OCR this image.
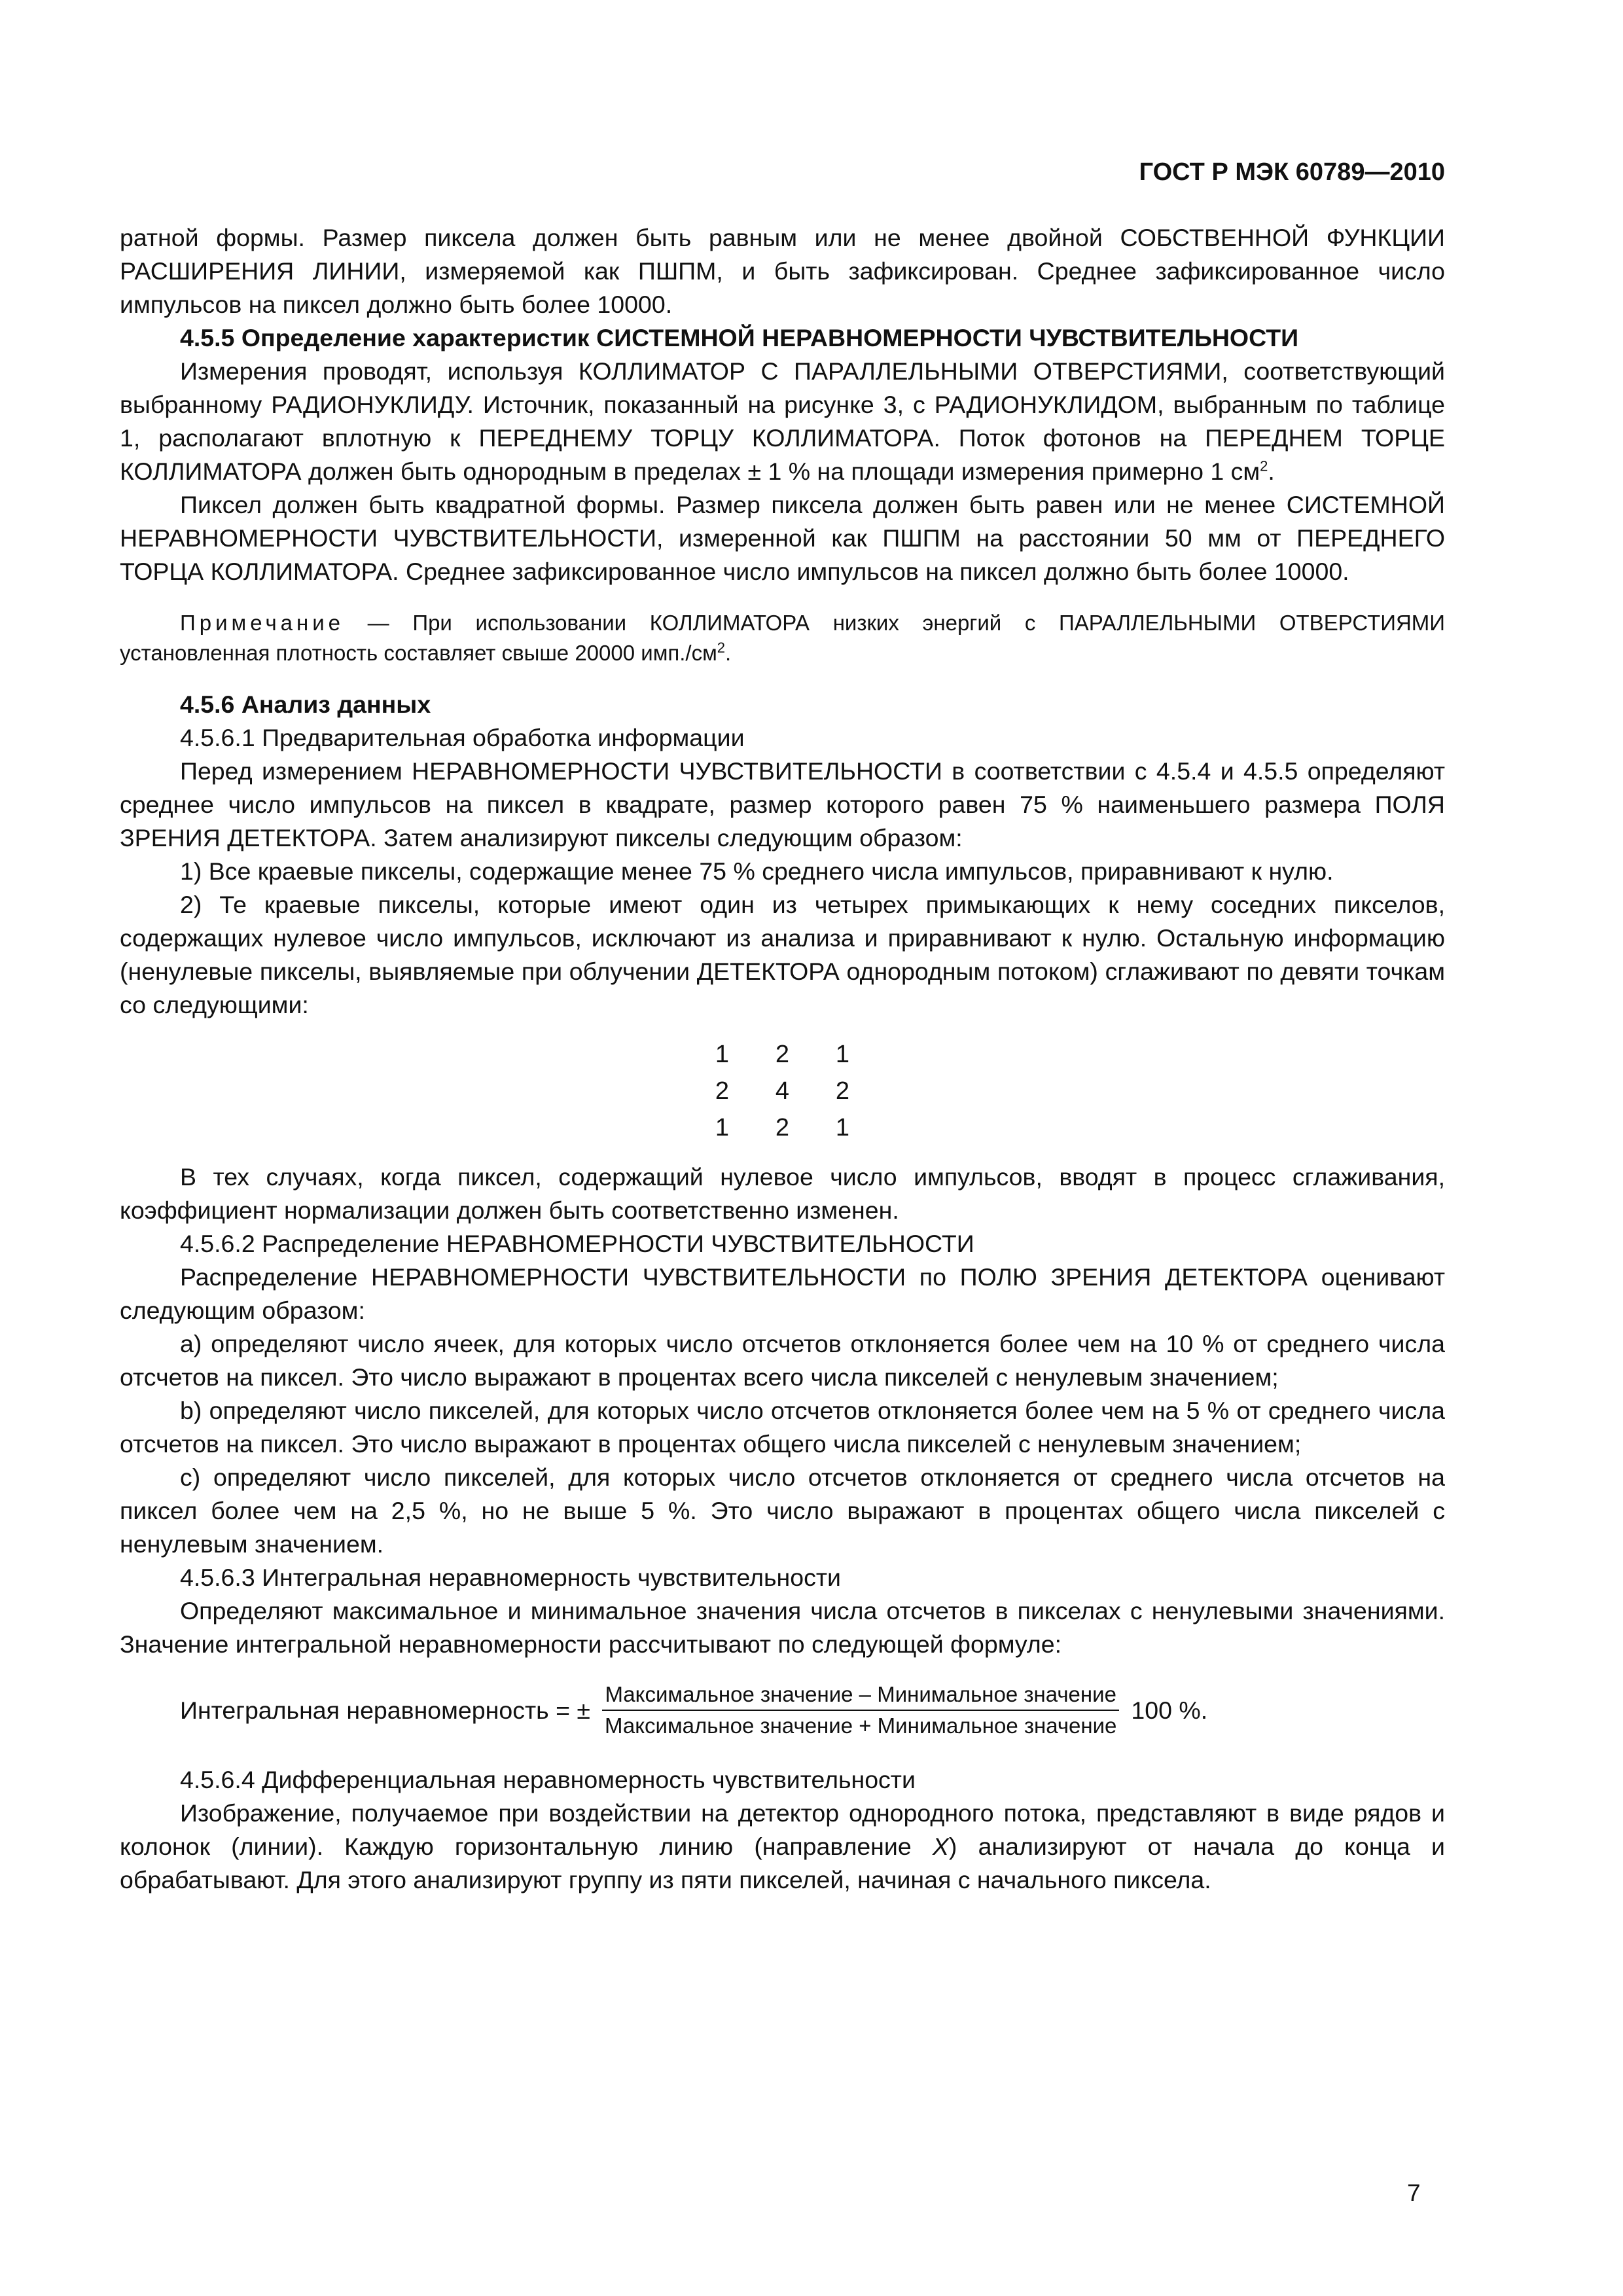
ГОСТ Р МЭК 60789—2010

ратной формы. Размер пиксела должен быть равным или не менее двойной СОБСТВЕННОЙ ФУНКЦИИ РАСШИРЕНИЯ ЛИНИИ, измеряемой как ПШПМ, и быть зафиксирован. Среднее зафиксированное число импульсов на пиксел должно быть более 10000.

4.5.5 Определение характеристик СИСТЕМНОЙ НЕРАВНОМЕРНОСТИ ЧУВСТВИТЕЛЬНОСТИ

Измерения проводят, используя КОЛЛИМАТОР С ПАРАЛЛЕЛЬНЫМИ ОТВЕРСТИЯМИ, соответствующий выбранному РАДИОНУКЛИДУ. Источник, показанный на рисунке 3, с РАДИОНУКЛИДОМ, выбранным по таблице 1, располагают вплотную к ПЕРЕДНЕМУ ТОРЦУ КОЛЛИМАТОРА. Поток фотонов на ПЕРЕДНЕМ ТОРЦЕ КОЛЛИМАТОРА должен быть однородным в пределах ± 1 % на площади измерения примерно 1 $см^2$.

Пиксел должен быть квадратной формы. Размер пиксела должен быть равен или не менее СИСТЕМНОЙ НЕРАВНОМЕРНОСТИ ЧУВСТВИТЕЛЬНОСТИ, измеренной как ПШПМ на расстоянии 50 мм от ПЕРЕДНЕГО ТОРЦА КОЛЛИМАТОРА. Среднее зафиксированное число импульсов на пиксел должно быть более 10000.

Примечание — При использовании КОЛЛИМАТОРА низких энергий с ПАРАЛЛЕЛЬНЫМИ ОТВЕРСТИЯМИ установленная плотность составляет свыше 20000 $имп./см^2$.

4.5.6 Анализ данных

4.5.6.1 Предварительная обработка информации

Перед измерением НЕРАВНОМЕРНОСТИ ЧУВСТВИТЕЛЬНОСТИ в соответствии с 4.5.4 и 4.5.5 определяют среднее число импульсов на пиксел в квадрате, размер которого равен 75 % наименьшего размера ПОЛЯ ЗРЕНИЯ ДЕТЕКТОРА. Затем анализируют пикселы следующим образом:

1) Все краевые пикселы, содержащие менее 75 % среднего числа импульсов, приравнивают к нулю.

2) Те краевые пикселы, которые имеют один из четырех примыкающих к нему соседних пикселов, содержащих нулевое число импульсов, исключают из анализа и приравнивают к нулю. Остальную информацию (ненулевые пикселы, выявляемые при облучении ДЕТЕКТОРА однородным потоком) сглаживают по девяти точкам со следующими:

1	2	1
2	4	2
1	2	1

В тех случаях, когда пиксел, содержащий нулевое число импульсов, вводят в процесс сглаживания, коэффициент нормализации должен быть соответственно изменен.

4.5.6.2 Распределение НЕРАВНОМЕРНОСТИ ЧУВСТВИТЕЛЬНОСТИ

Распределение НЕРАВНОМЕРНОСТИ ЧУВСТВИТЕЛЬНОСТИ по ПОЛЮ ЗРЕНИЯ ДЕТЕКТОРА оценивают следующим образом:

a) определяют число ячеек, для которых число отсчетов отклоняется более чем на 10 % от среднего числа отсчетов на пиксел. Это число выражают в процентах всего числа пикселей с ненулевым значением;

b) определяют число пикселей, для которых число отсчетов отклоняется более чем на 5 % от среднего числа отсчетов на пиксел. Это число выражают в процентах общего числа пикселей с ненулевым значением;

c) определяют число пикселей, для которых число отсчетов отклоняется от среднего числа отсчетов на пиксел более чем на 2,5 %, но не выше 5 %. Это число выражают в процентах общего числа пикселей с ненулевым значением.

4.5.6.3 Интегральная неравномерность чувствительности

Определяют максимальное и минимальное значения числа отсчетов в пикселах с ненулевыми значениями. Значение интегральной неравномерности рассчитывают по следующей формуле:

Интегральная неравномерность = ± $\frac{\text{Максимальное значение – Минимальное значение}}{\text{Максимальное значение + Минимальное значение}} 100$ %.

4.5.6.4 Дифференциальная неравномерность чувствительности

Изображение, получаемое при воздействии на детектор однородного потока, представляют в виде рядов и колонок (линии). Каждую горизонтальную линию (направление X) анализируют от начала до конца и обрабатывают. Для этого анализируют группу из пяти пикселей, начиная с начального пиксела.

7
